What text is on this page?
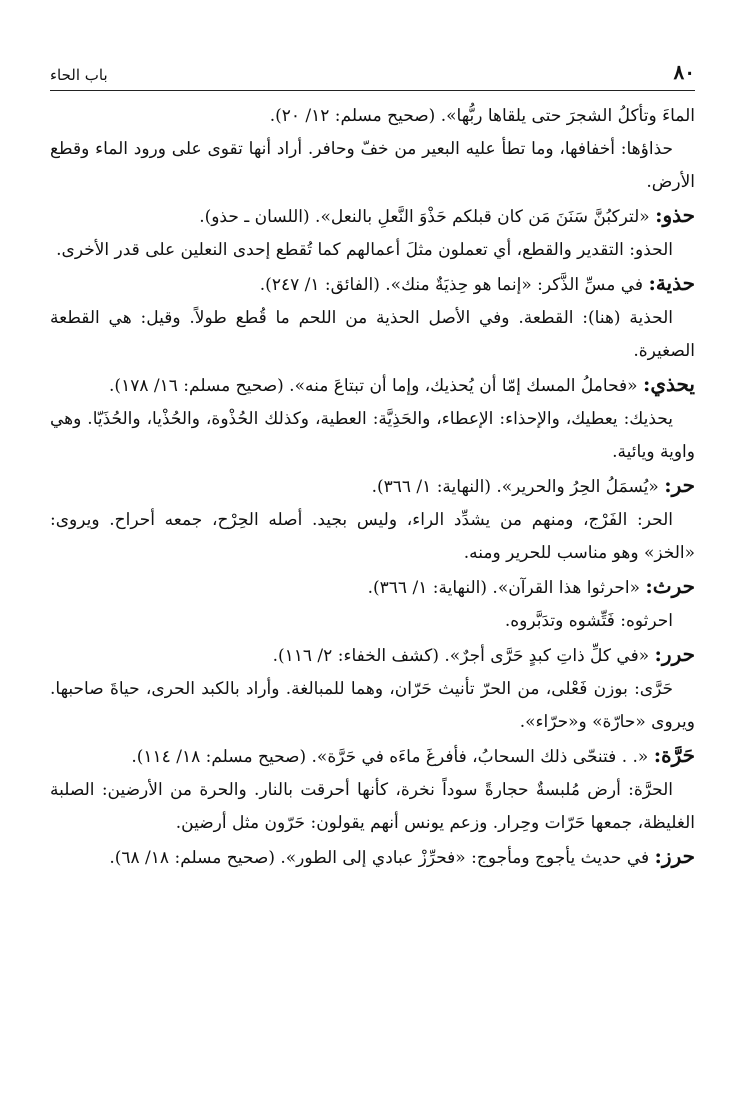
٨٠
باب الحاء

الماءَ وتأكلُ الشجرَ حتى يلقاها ربُّها». (صحيح مسلم: ١٢/ ٢٠).

حذاؤها: أخفافها، وما تطأ عليه البعير من خفّ وحافر. أراد أنها تقوى على ورود الماء وقطع الأرض.

حذو: «لتركبُنَّ سَنَنَ مَن كان قبلكم حَذْوَ النَّعلِ بالنعل». (اللسان ـ حذو).

الحذو: التقدير والقطع، أي تعملون مثلَ أعمالهم كما تُقطع إحدى النعلين على قدر الأخرى.

حذية: في مسِّ الذَّكر: «إنما هو حِذيَةٌ منك». (الفائق: ١/ ٢٤٧).

الحذية (هنا): القطعة. وفي الأصل الحذية من اللحم ما قُطع طولاً. وقيل: هي القطعة الصغيرة.

يحذي: «فحاملُ المسك إمّا أن يُحذيك، وإما أن تبتاعَ منه». (صحيح مسلم: ١٦/ ١٧٨).

يحذيك: يعطيك، والإحذاء: الإعطاء، والحَذِيَّة: العطية، وكذلك الحُذْوة، والحُذْيا، والحُذَيّا. وهي واوية ويائية.

حر: «يُسمَلُ الحِرُ والحرير». (النهاية: ١/ ٣٦٦).

الحر: الفَرْج، ومنهم من يشدِّد الراء، وليس بجيد. أصله الحِرْح، جمعه أحراح. ويروى: «الخز» وهو مناسب للحرير ومنه.

حرث: «احرثوا هذا القرآن». (النهاية: ١/ ٣٦٦).

احرثوه: فَتِّشوه وتدَبَّروه.

حرر: «في كلِّ ذاتِ كبدٍ حَرَّى أجرٌ». (كشف الخفاء: ٢/ ١١٦).

حَرَّى: بوزن فَعْلى، من الحرّ تأنيث حَرّان، وهما للمبالغة. وأراد بالكبد الحرى، حياةَ صاحبها. ويروى «حارّة» و«حرّاء».

حَرَّة: «. . فتنحّى ذلك السحابُ، فأفرغَ ماءَه في حَرَّة». (صحيح مسلم: ١٨/ ١١٤).

الحرَّة: أرض مُلبسةٌ حجارةً سوداً نخرة، كأنها أحرقت بالنار. والحرة من الأرضين: الصلبة الغليظة، جمعها حَرّات وحِرار. وزعم يونس أنهم يقولون: حَرّون مثل أرضين.

حرز: في حديث يأجوج ومأجوج: «فحرِّزْ عبادي إلى الطور». (صحيح مسلم: ١٨/ ٦٨).
